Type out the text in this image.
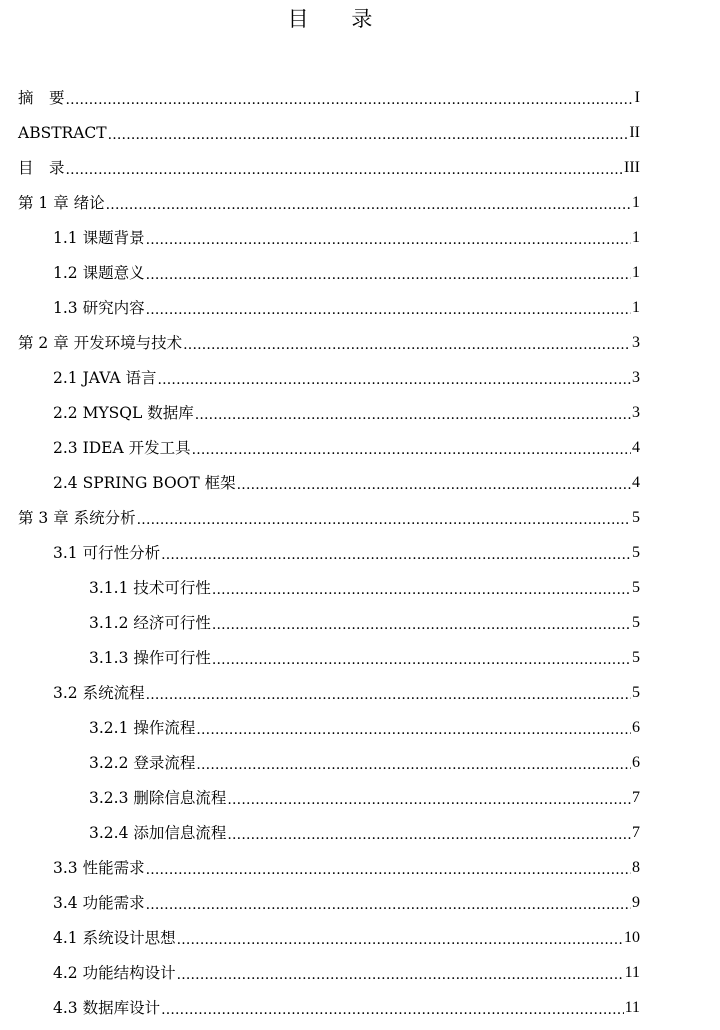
目 录
摘　要 .....	I
ABSTRACT .....	II
目　录 .....	III
第 1 章 绪论 .....	1
1.1 课题背景 .....	1
1.2 课题意义 .....	1
1.3 研究内容 .....	1
第 2 章 开发环境与技术 .....	3
2.1 JAVA 语言 .....	3
2.2 MYSQL 数据库 .....	3
2.3 IDEA 开发工具 .....	4
2.4 SPRING BOOT 框架 .....	4
第 3 章 系统分析 .....	5
3.1 可行性分析 .....	5
3.1.1 技术可行性 .....	5
3.1.2 经济可行性 .....	5
3.1.3 操作可行性 .....	5
3.2 系统流程 .....	5
3.2.1 操作流程 .....	6
3.2.2 登录流程 .....	6
3.2.3 删除信息流程 .....	7
3.2.4 添加信息流程 .....	7
3.3 性能需求 .....	8
3.4 功能需求 .....	9
4.1 系统设计思想 .....	10
4.2 功能结构设计 .....	11
4.3 数据库设计 .....	11
